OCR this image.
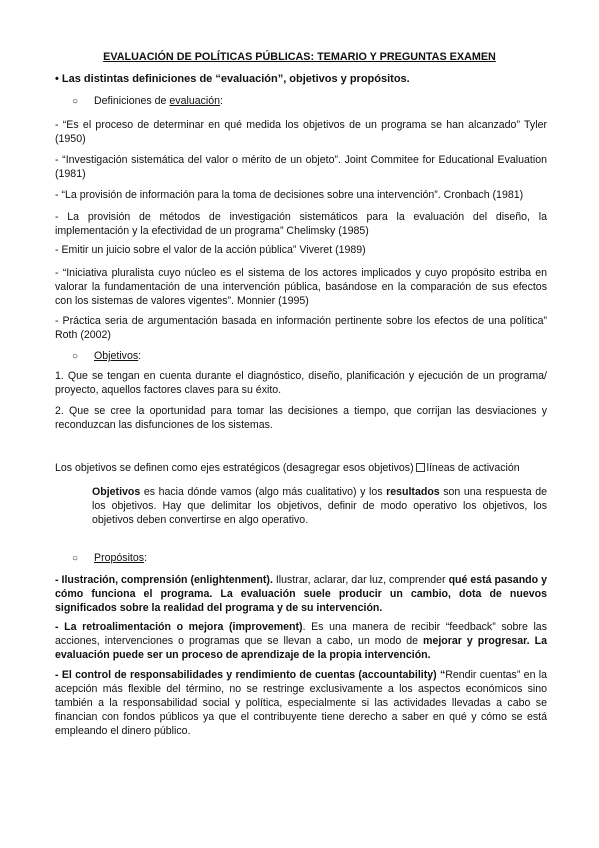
EVALUACIÓN DE POLÍTICAS PÚBLICAS: TEMARIO Y PREGUNTAS EXAMEN

• Las distintas definiciones de “evaluación”, objetivos y propósitos.

○	Definiciones de evaluación:

- “Es el proceso de determinar en qué medida los objetivos de un programa se han alcanzado” Tyler (1950)

- “Investigación sistemática del valor o mérito de un objeto”. Joint Commitee for Educational Evaluation (1981)

- “La provisión de información para la toma de decisiones sobre una intervención”. Cronbach (1981)

- La provisión de métodos de investigación sistemáticos para la evaluación del diseño, la implementación y la efectividad de un programa” Chelimsky (1985)

- Emitir un juicio sobre el valor de la acción pública” Viveret (1989)

- “Iniciativa pluralista cuyo núcleo es el sistema de los actores implicados y cuyo propósito estriba en valorar la fundamentación de una intervención pública, basándose en la comparación de sus efectos con los sistemas de valores vigentes”. Monnier (1995)

- Práctica seria de argumentación basada en información pertinente sobre los efectos de una política” Roth (2002)

○	Objetivos:

1. Que se tengan en cuenta durante el diagnóstico, diseño, planificación y ejecución de un programa/ proyecto, aquellos factores claves para su éxito.

2. Que se cree la oportunidad para tomar las decisiones a tiempo, que corrijan las desviaciones y reconduzcan las disfunciones de los sistemas.

Los objetivos se definen como ejes estratégicos (desagregar esos objetivos) líneas de activación

Objetivos es hacia dónde vamos (algo más cualitativo) y los resultados son una respuesta de los objetivos. Hay que delimitar los objetivos, definir de modo operativo los objetivos, los objetivos deben convertirse en algo operativo.

○	Propósitos:

- Ilustración, comprensión (enlightenment). Ilustrar, aclarar, dar luz, comprender qué está pasando y cómo funciona el programa. La evaluación suele producir un cambio, dota de nuevos significados sobre la realidad del programa y de su intervención.

- La retroalimentación o mejora (improvement). Es una manera de recibir “feedback” sobre las acciones, intervenciones o programas que se llevan a cabo, un modo de mejorar y progresar. La evaluación puede ser un proceso de aprendizaje de la propia intervención.

- El control de responsabilidades y rendimiento de cuentas (accountability) “Rendir cuentas” en la acepción más flexible del término, no se restringe exclusivamente a los aspectos económicos sino también a la responsabilidad social y política, especialmente si las actividades llevadas a cabo se financian con fondos públicos ya que el contribuyente tiene derecho a saber en qué y cómo se está empleando el dinero público.
